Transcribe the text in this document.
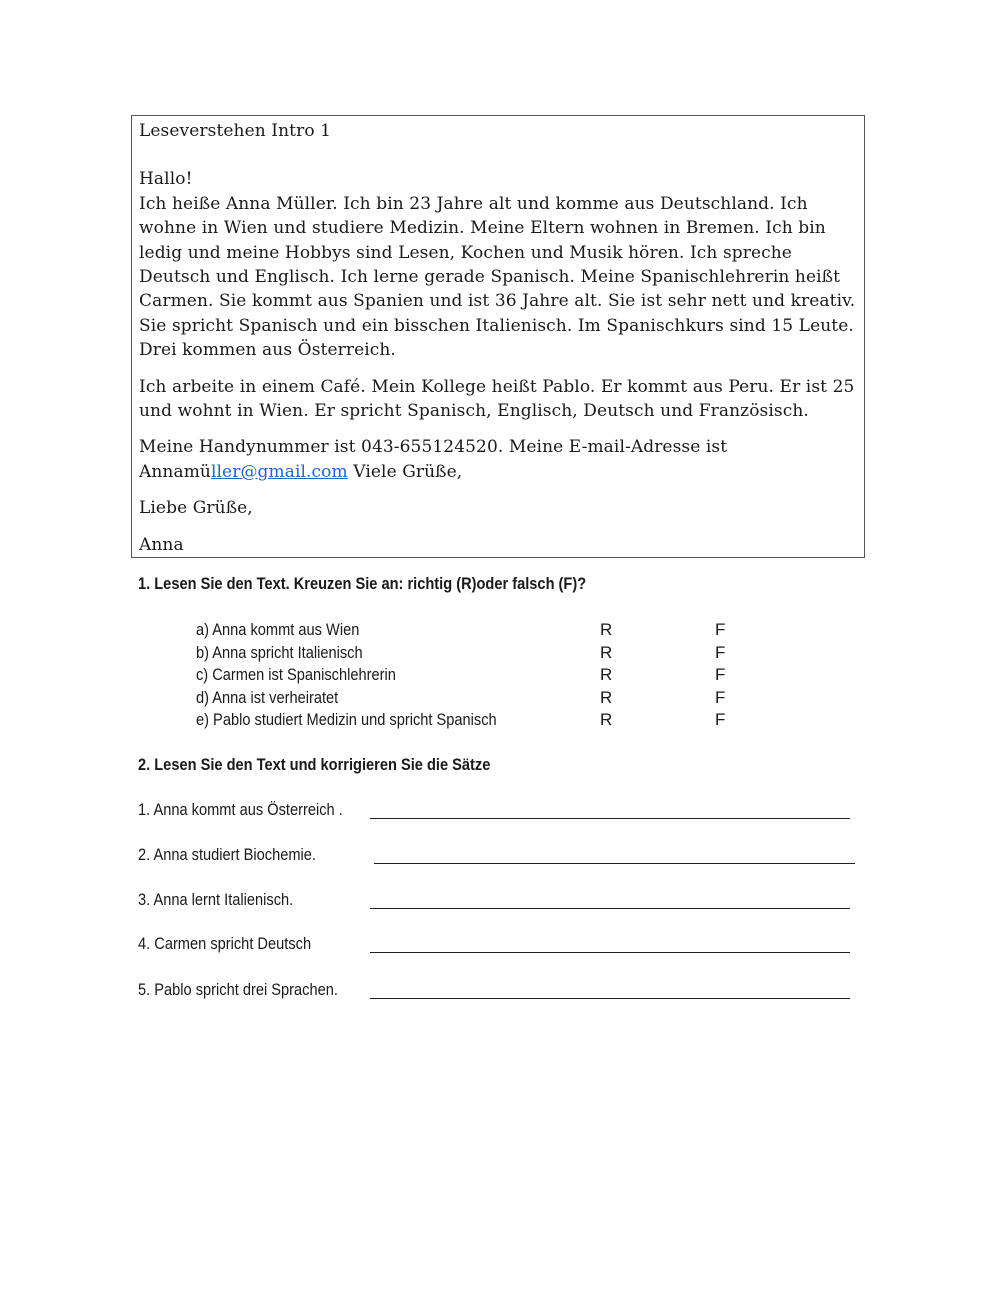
Leseverstehen Intro 1

Hallo!
Ich heiße Anna Müller. Ich bin 23 Jahre alt und komme aus Deutschland. Ich wohne in Wien und studiere Medizin. Meine Eltern wohnen in Bremen. Ich bin ledig und meine Hobbys sind Lesen, Kochen und Musik hören. Ich spreche Deutsch und Englisch. Ich lerne gerade Spanisch. Meine Spanischlehrerin heißt Carmen. Sie kommt aus Spanien und ist 36 Jahre alt. Sie ist sehr nett und kreativ. Sie spricht Spanisch und ein bisschen Italienisch. Im Spanischkurs sind 15 Leute. Drei kommen aus Österreich.

Ich arbeite in einem Café. Mein Kollege heißt Pablo. Er kommt aus Peru. Er ist 25 und wohnt in Wien. Er spricht Spanisch, Englisch, Deutsch und Französisch.

Meine Handynummer ist 043-655124520. Meine E-mail-Adresse ist Annamüller@gmail.com Viele Grüße,

Liebe Grüße,

Anna

1. Lesen Sie den Text. Kreuzen Sie an: richtig (R)oder falsch (F)?
a) Anna kommt aus Wien	R	F
b) Anna spricht Italienisch	R	F
c) Carmen ist Spanischlehrerin	R	F
d) Anna ist verheiratet	R	F
e) Pablo studiert Medizin und spricht Spanisch	R	F
2. Lesen Sie den Text und korrigieren Sie die Sätze
1. Anna kommt aus Österreich .
2. Anna studiert Biochemie.
3. Anna lernt Italienisch.
4. Carmen spricht Deutsch
5. Pablo spricht drei Sprachen.
